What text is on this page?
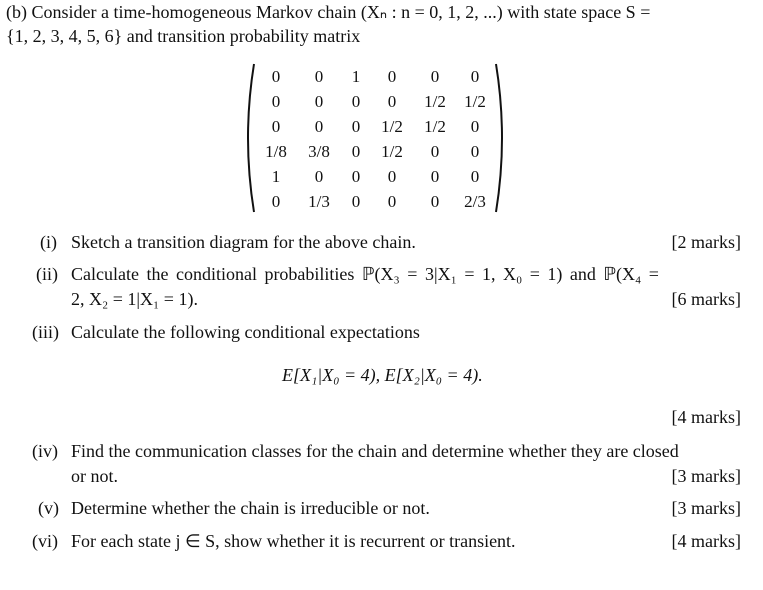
(b) Consider a time-homogeneous Markov chain (Xₙ : n = 0, 1, 2, ...) with state space S =
{1, 2, 3, 4, 5, 6} and transition probability matrix
0	0	1	0	0	0
0	0	0	0	1/2	1/2
0	0	0	1/2	1/2	0
1/8	3/8	0	1/2	0	0
1	0	0	0	0	0
0	1/3	0	0	0	2/3
(i) Sketch a transition diagram for the above chain.	[2 marks]
(ii) Calculate the conditional probabilities ℙ(X₃ = 3|X₁ = 1, X₀ = 1) and ℙ(X₄ =
2, X₂ = 1|X₁ = 1).	[6 marks]
(iii) Calculate the following conditional expectations
E[X₁|X₀ = 4), E[X₂|X₀ = 4).
[4 marks]
(iv) Find the communication classes for the chain and determine whether they are closed
or not.	[3 marks]
(v) Determine whether the chain is irreducible or not.	[3 marks]
(vi) For each state j ∈ S, show whether it is recurrent or transient.	[4 marks]
